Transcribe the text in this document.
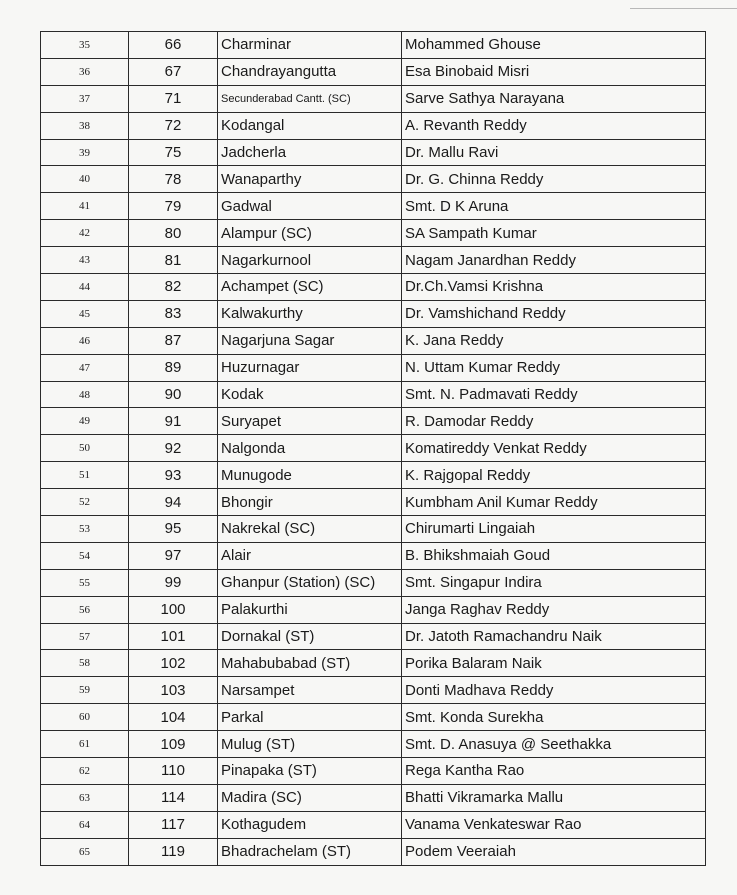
35	66	Charminar	Mohammed Ghouse
36	67	Chandrayangutta	Esa Binobaid Misri
37	71	Secunderabad Cantt. (SC)	Sarve Sathya Narayana
38	72	Kodangal	A. Revanth Reddy
39	75	Jadcherla	Dr. Mallu Ravi
40	78	Wanaparthy	Dr. G. Chinna Reddy
41	79	Gadwal	Smt. D K Aruna
42	80	Alampur (SC)	SA Sampath Kumar
43	81	Nagarkurnool	Nagam Janardhan Reddy
44	82	Achampet (SC)	Dr.Ch.Vamsi Krishna
45	83	Kalwakurthy	Dr. Vamshichand Reddy
46	87	Nagarjuna Sagar	K. Jana Reddy
47	89	Huzurnagar	N. Uttam Kumar Reddy
48	90	Kodak	Smt. N. Padmavati Reddy
49	91	Suryapet	R. Damodar Reddy
50	92	Nalgonda	Komatireddy Venkat Reddy
51	93	Munugode	K. Rajgopal Reddy
52	94	Bhongir	Kumbham Anil Kumar Reddy
53	95	Nakrekal (SC)	Chirumarti Lingaiah
54	97	Alair	B. Bhikshmaiah Goud
55	99	Ghanpur (Station) (SC)	Smt. Singapur Indira
56	100	Palakurthi	Janga Raghav Reddy
57	101	Dornakal (ST)	Dr. Jatoth Ramachandru Naik
58	102	Mahabubabad (ST)	Porika Balaram Naik
59	103	Narsampet	Donti Madhava Reddy
60	104	Parkal	Smt. Konda Surekha
61	109	Mulug (ST)	Smt. D. Anasuya @ Seethakka
62	110	Pinapaka (ST)	Rega Kantha Rao
63	114	Madira (SC)	Bhatti Vikramarka Mallu
64	117	Kothagudem	Vanama Venkateswar Rao
65	119	Bhadrachelam (ST)	Podem Veeraiah
